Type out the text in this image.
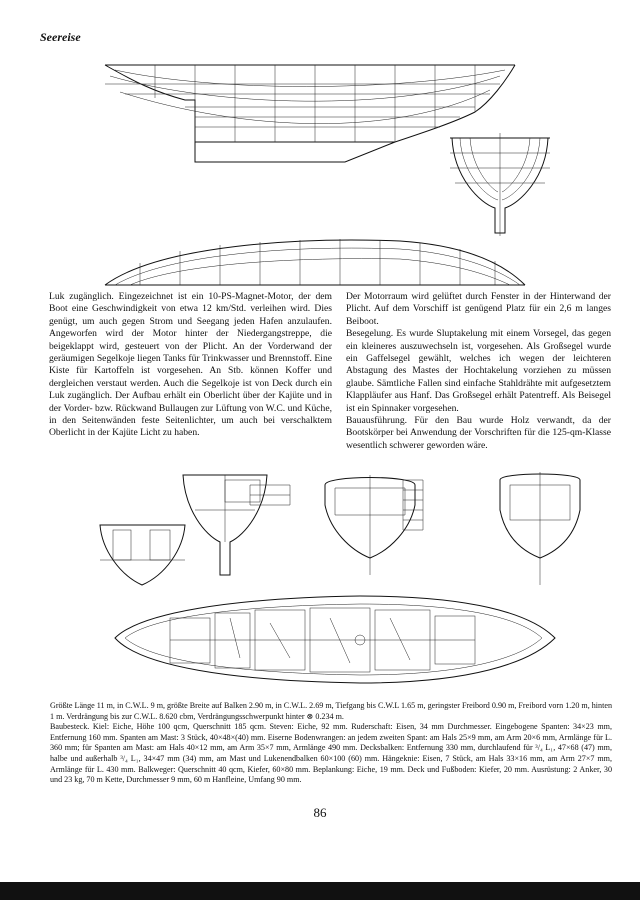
Seereise
Luk zugänglich. Eingezeichnet ist ein 10-PS-Magnet-Motor, der dem Boot eine Geschwindigkeit von etwa 12 km/Std. verleihen wird. Dies genügt, um auch gegen Strom und Seegang jeden Hafen anzulaufen. Angeworfen wird der Motor hinter der Niedergangstreppe, die beigeklappt wird, gesteuert von der Plicht. An der Vorderwand der geräumigen Segelkoje liegen Tanks für Trinkwasser und Brennstoff. Eine Kiste für Kartoffeln ist vorgesehen. An Stb. können Koffer und dergleichen verstaut werden. Auch die Segelkoje ist von Deck durch ein Luk zugänglich. Der Aufbau erhält ein Oberlicht über der Kajüte und in der Vorder- bzw. Rückwand Bullaugen zur Lüftung von W.C. und Küche, in den Seitenwänden feste Seitenlichter, um auch bei verschalktem Oberlicht in der Kajüte Licht zu haben.
Der Motorraum wird gelüftet durch Fenster in der Hinterwand der Plicht. Auf dem Vorschiff ist genügend Platz für ein 2,6 m langes Beiboot.
Besegelung. Es wurde Sluptakelung mit einem Vorsegel, das gegen ein kleineres auszuwechseln ist, vorgesehen. Als Großsegel wurde ein Gaffelsegel gewählt, welches ich wegen der leichteren Abstagung des Mastes der Hochtakelung vorziehen zu müssen glaube. Sämtliche Fallen sind einfache Stahldrähte mit aufgesetztem Klappläufer aus Hanf. Das Großsegel erhält Patentreff. Als Beisegel ist ein Spinnaker vorgesehen.
Bauausführung. Für den Bau wurde Holz verwandt, da der Bootskörper bei Anwendung der Vorschriften für die 125-qm-Klasse wesentlich schwerer geworden wäre.
Größte Länge 11 m, in C.W.L. 9 m, größte Breite auf Balken 2.90 m, in C.W.L. 2.69 m, Tiefgang bis C.W.L 1.65 m, geringster Freibord 0.90 m, Freibord vorn 1.20 m, hinten 1 m. Verdrängung bis zur C.W.L. 8.620 cbm, Verdrängungsschwerpunkt hinter ⊗ 0.234 m.
Baubesteck. Kiel: Eiche, Höhe 100 qcm, Querschnitt 185 qcm. Steven: Eiche, 92 mm. Ruderschaft: Eisen, 34 mm Durchmesser. Eingebogene Spanten: 34×23 mm, Entfernung 160 mm. Spanten am Mast: 3 Stück, 40×48×(40) mm. Eiserne Bodenwrangen: an jedem zweiten Spant: am Hals 25×9 mm, am Arm 20×6 mm, Armlänge für L. 360 mm; für Spanten am Mast: am Hals 40×12 mm, am Arm 35×7 mm, Armlänge 490 mm. Decksbalken: Entfernung 330 mm, durchlaufend für ³/₄ L₁, 47×68 (47) mm, halbe und außerhalb ³/₄ L₁, 34×47 mm (34) mm, am Mast und Lukenendbalken 60×100 (60) mm. Hängeknie: Eisen, 7 Stück, am Hals 33×16 mm, am Arm 27×7 mm, Armlänge für L. 430 mm. Balkweger: Querschnitt 40 qcm, Kiefer, 60×80 mm. Beplankung: Eiche, 19 mm. Deck und Fußboden: Kiefer, 20 mm. Ausrüstung: 2 Anker, 30 und 23 kg, 70 m Kette, Durchmesser 9 mm, 60 m Hanfleine, Umfang 90 mm.
86
